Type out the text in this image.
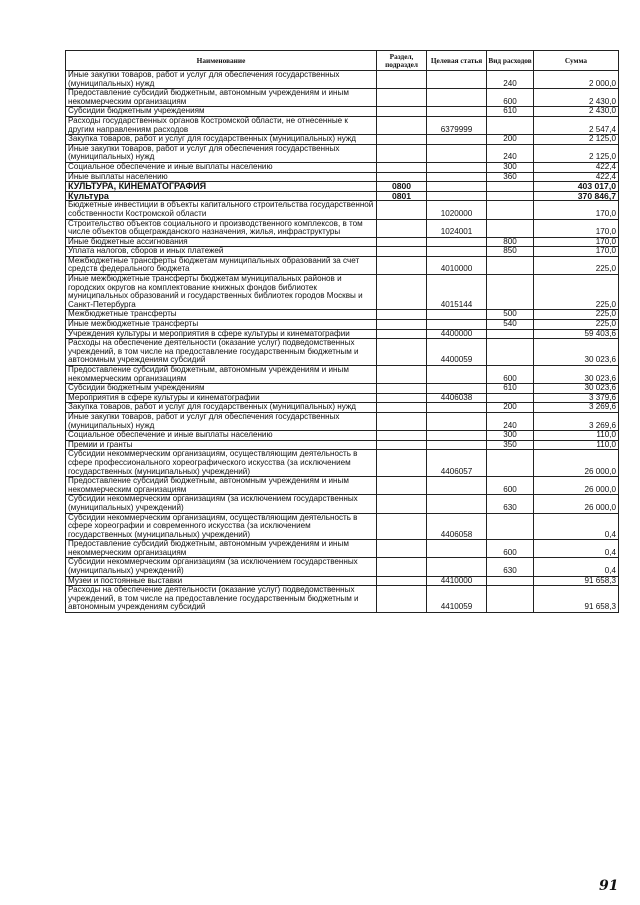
Наименование	Раздел, подраздел	Целевая статья	Вид расходов	Сумма
Иные закупки товаров, работ и услуг для обеспечения государственных (муниципальных) нужд			240	2 000,0
Предоставление субсидий бюджетным, автономным учреждениям и иным некоммерческим организациям			600	2 430,0
Субсидии бюджетным учреждениям			610	2 430,0
Расходы государственных органов Костромской области, не отнесенные к другим направлениям расходов		6379999		2 547,4
Закупка товаров, работ и услуг для государственных (муниципальных) нужд			200	2 125,0
Иные закупки товаров, работ и услуг для обеспечения государственных (муниципальных) нужд			240	2 125,0
Социальное обеспечение и иные выплаты населению			300	422,4
Иные выплаты населению			360	422,4
КУЛЬТУРА, КИНЕМАТОГРАФИЯ	0800			403 017,0
Культура	0801			370 846,7
Бюджетные инвестиции в объекты капитального строительства государственной собственности Костромской области		1020000		170,0
Строительство объектов социального и производственного комплексов, в том числе объектов общегражданского назначения, жилья, инфраструктуры		1024001		170,0
Иные бюджетные ассигнования			800	170,0
Уплата налогов, сборов и иных платежей			850	170,0
Межбюджетные трансферты бюджетам муниципальных образований за счет средств федерального бюджета		4010000		225,0
Иные межбюджетные трансферты бюджетам муниципальных районов и городских округов на комплектование книжных фондов библиотек муниципальных образований и государственных библиотек городов Москвы и Санкт-Петербурга		4015144		225,0
Межбюджетные трансферты			500	225,0
Иные межбюджетные трансферты			540	225,0
Учреждения культуры и мероприятия в сфере культуры и кинематографии		4400000		59 403,6
Расходы на обеспечение деятельности (оказание услуг) подведомственных учреждений, в том числе на предоставление государственным бюджетным и автономным учреждениям субсидий		4400059		30 023,6
Предоставление субсидий бюджетным, автономным учреждениям и иным некоммерческим организациям			600	30 023,6
Субсидии бюджетным учреждениям			610	30 023,6
Мероприятия в сфере культуры и кинематографии		4406038		3 379,6
Закупка товаров, работ и услуг для государственных (муниципальных) нужд			200	3 269,6
Иные закупки товаров, работ и услуг для обеспечения государственных (муниципальных) нужд			240	3 269,6
Социальное обеспечение и иные выплаты населению			300	110,0
Премии и гранты			350	110,0
Субсидии некоммерческим организациям, осуществляющим деятельность в сфере профессионального хореографического искусства (за исключением государственных (муниципальных) учреждений)		4406057		26 000,0
Предоставление субсидий бюджетным, автономным учреждениям и иным некоммерческим организациям			600	26 000,0
Субсидии некоммерческим организациям (за исключением государственных (муниципальных) учреждений)			630	26 000,0
Субсидии некоммерческим организациям, осуществляющим деятельность в сфере хореографии и современного искусства (за исключением государственных (муниципальных) учреждений)		4406058		0,4
Предоставление субсидий бюджетным, автономным учреждениям и иным некоммерческим организациям			600	0,4
Субсидии некоммерческим организациям (за исключением государственных (муниципальных) учреждений)			630	0,4
Музеи и постоянные выставки		4410000		91 658,3
Расходы на обеспечение деятельности (оказание услуг) подведомственных учреждений, в том числе на предоставление государственным бюджетным и автономным учреждениям субсидий		4410059		91 658,3
91
